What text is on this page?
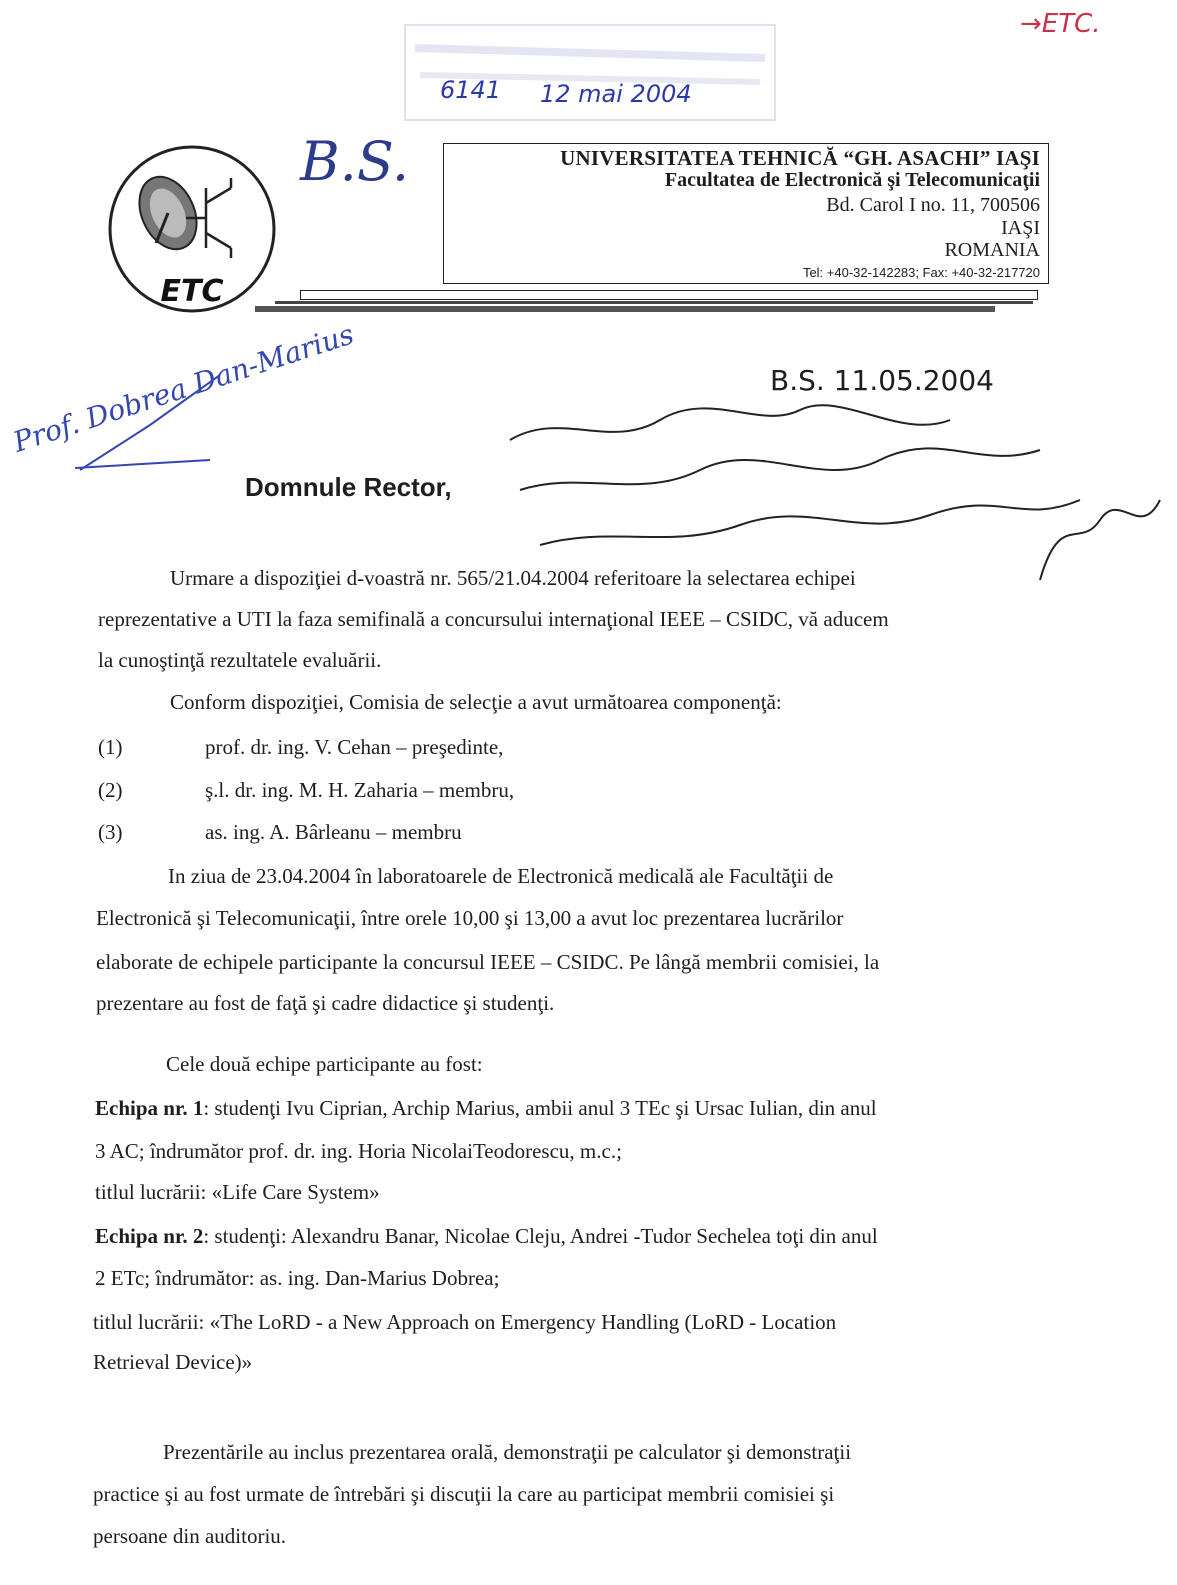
→ETC.
6141 12 mai 2004
ETC
B.S.	UNIVERSITATEA TEHNICĂ “GH. ASACHI” IAŞI
Facultatea de Electronică şi Telecomunicaţii
Bd. Carol I no. 11, 700506
IAŞI
ROMANIA
Tel: +40-32-142283; Fax: +40-32-217720
Prof. Dobrea Dan-Marius	B.S. 11.05.2004
Domnule Rector,
Urmare a dispoziţiei d-voastră nr. 565/21.04.2004 referitoare la selectarea echipei
reprezentative a UTI la faza semifinală a concursului internaţional IEEE – CSIDC, vă aducem
la cunoştinţă rezultatele evaluării.
Conform dispoziţiei, Comisia de selecţie a avut următoarea componenţă:
(1)	prof. dr. ing. V. Cehan – preşedinte,
(2)	ş.l. dr. ing. M. H. Zaharia – membru,
(3)	as. ing. A. Bârleanu – membru
In ziua de 23.04.2004 în laboratoarele de Electronică medicală ale Facultăţii de
Electronică şi Telecomunicaţii, între orele 10,00 şi 13,00 a avut loc prezentarea lucrărilor
elaborate de echipele participante la concursul IEEE – CSIDC. Pe lângă membrii comisiei, la
prezentare au fost de faţă şi cadre didactice şi studenţi.
Cele două echipe participante au fost:
Echipa nr. 1: studenţi Ivu Ciprian, Archip Marius, ambii anul 3 TEc şi Ursac Iulian, din anul
3 AC; îndrumător prof. dr. ing. Horia NicolaiTeodorescu, m.c.;
titlul lucrării: «Life Care System»
Echipa nr. 2: studenţi: Alexandru Banar, Nicolae Cleju, Andrei -Tudor Sechelea toţi din anul
2 ETc; îndrumător: as. ing. Dan-Marius Dobrea;
titlul lucrării: «The LoRD - a New Approach on Emergency Handling (LoRD - Location
Retrieval Device)»
Prezentările au inclus prezentarea orală, demonstraţii pe calculator şi demonstraţii
practice şi au fost urmate de întrebări şi discuţii la care au participat membrii comisiei şi
persoane din auditoriu.
